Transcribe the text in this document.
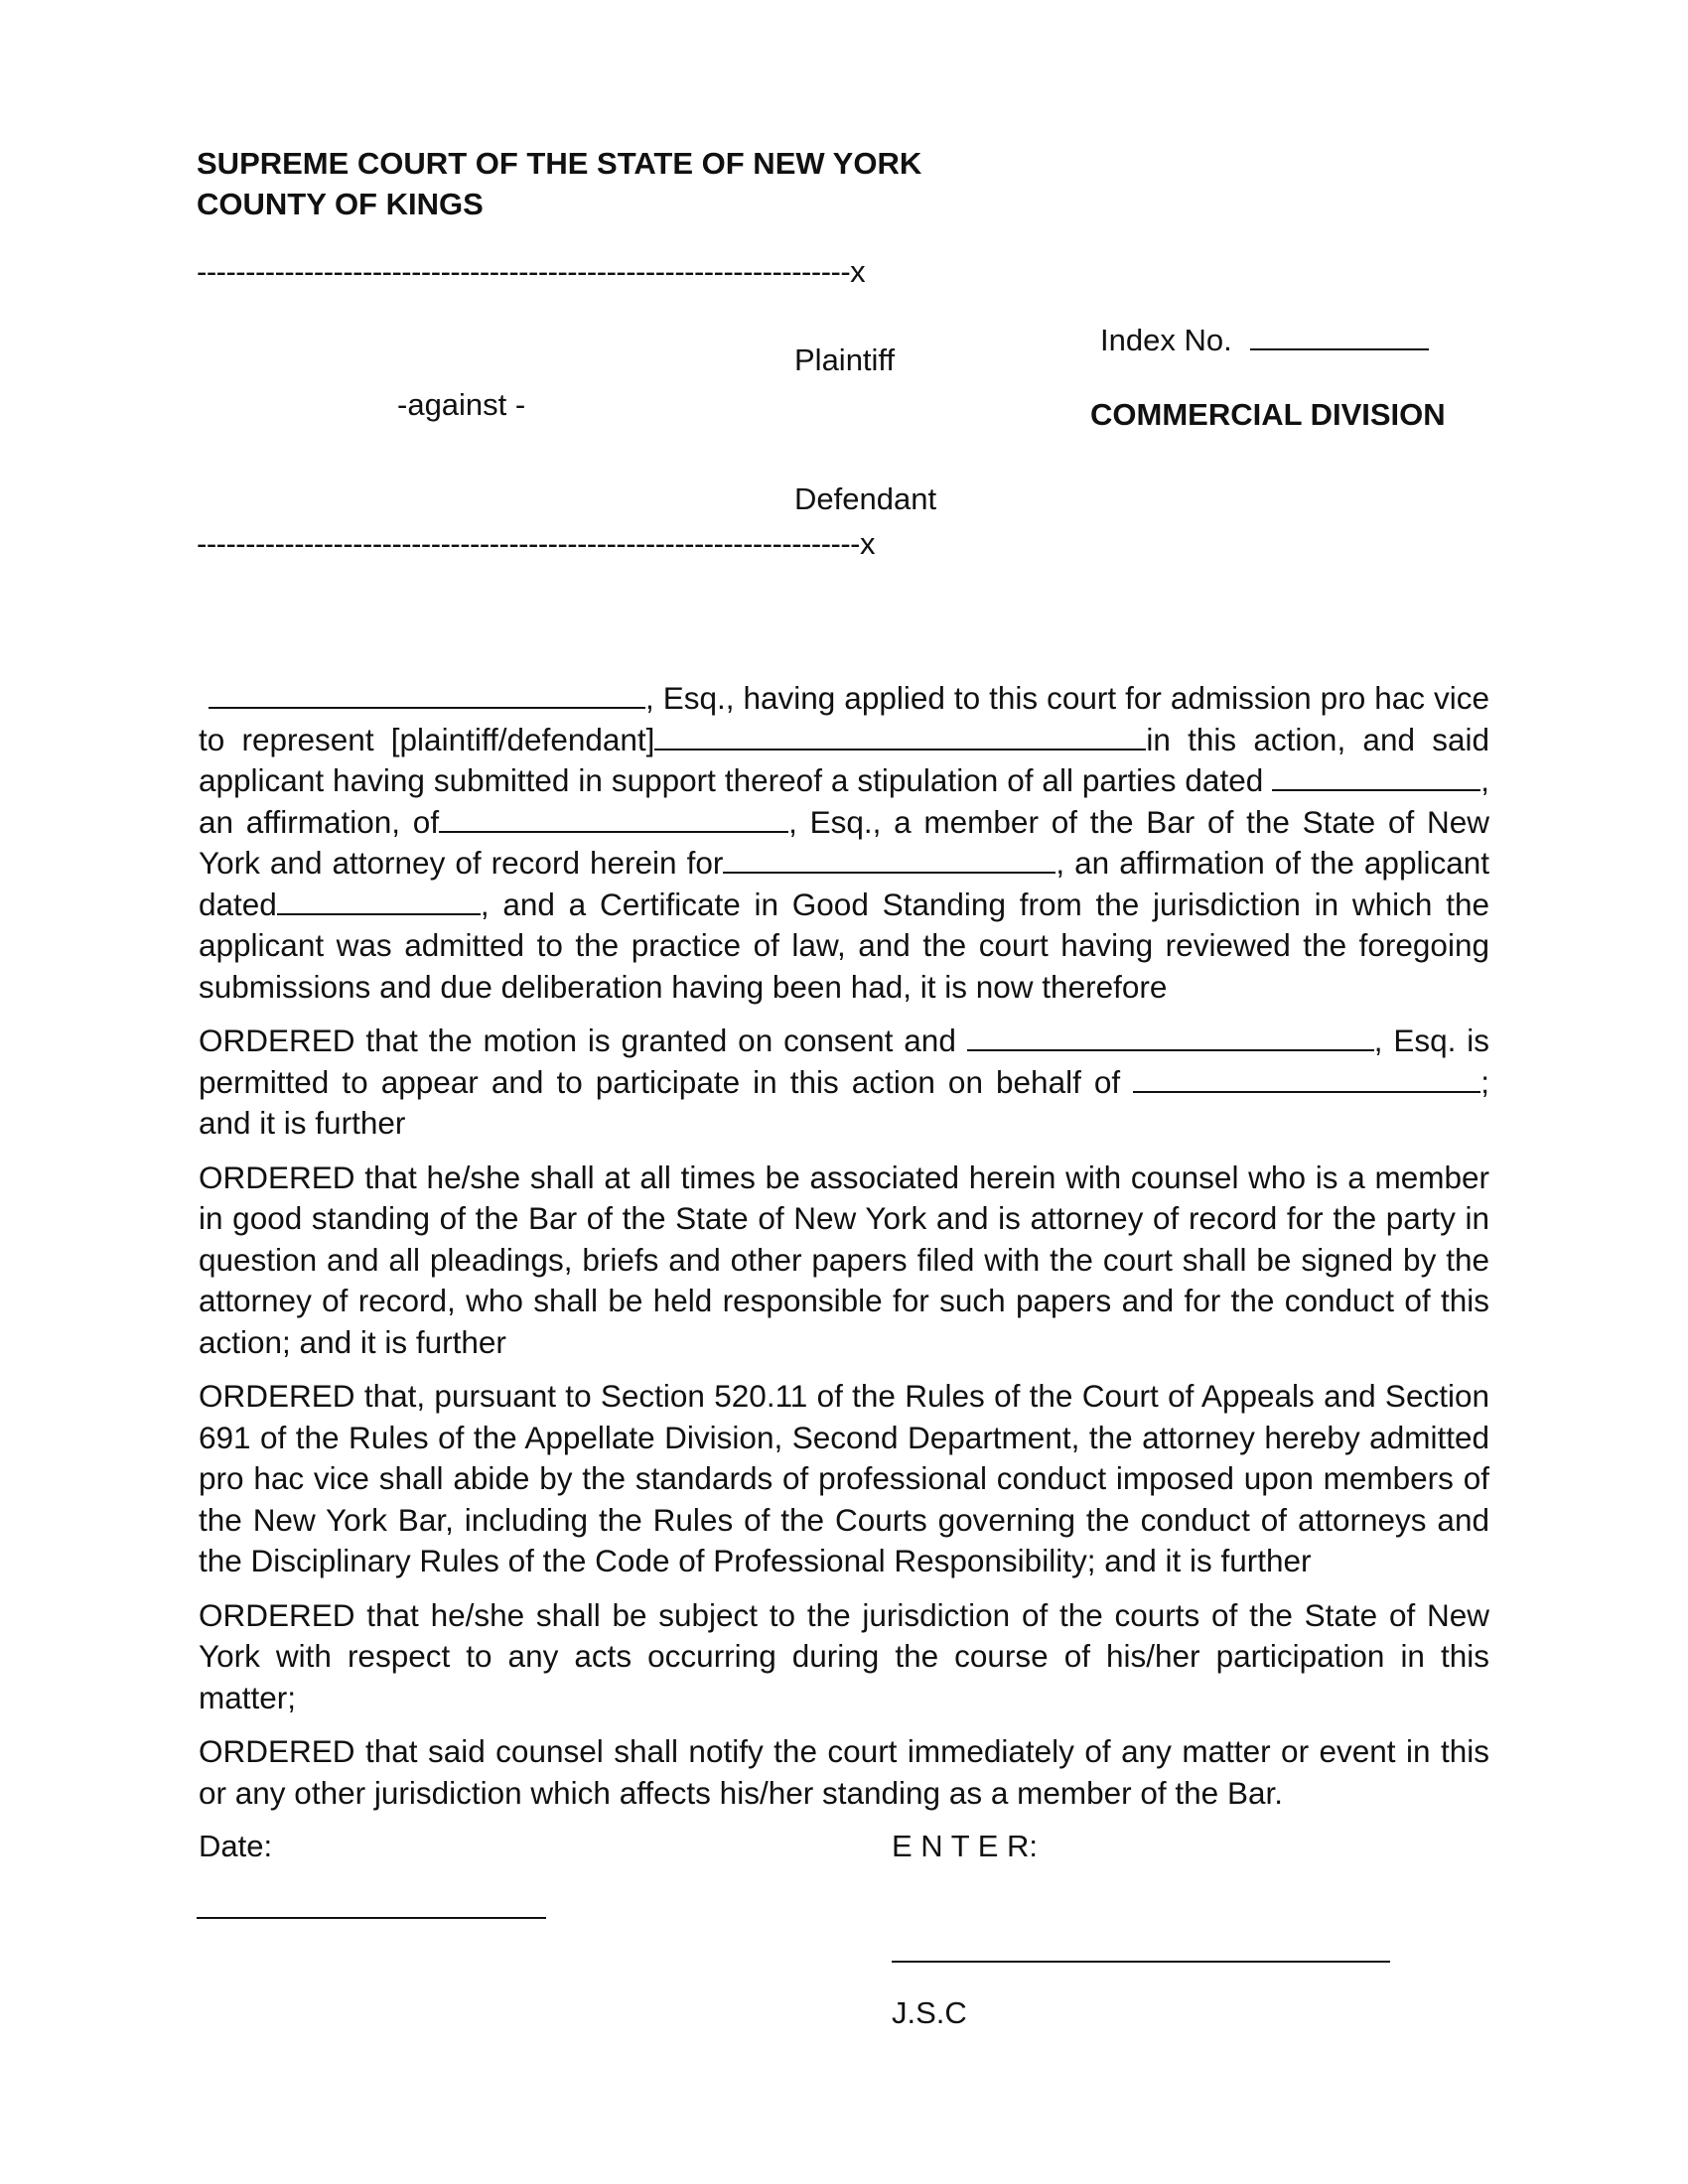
SUPREME COURT OF THE STATE OF NEW YORK
COUNTY OF KINGS
-------------------------------------------------------------------x
Plaintiff
-against -
Defendant
--------------------------------------------------------------------x
Index No.
COMMERCIAL DIVISION

, Esq., having applied to this court for admission pro hac vice to represent [plaintiff/defendant]	in this action, and said applicant having submitted in support thereof a stipulation of all parties dated	, an affirmation, of	, Esq., a member of the Bar of the State of New York and attorney of record herein for	, an affirmation of the applicant dated	, and a Certificate in Good Standing from the jurisdiction in which the applicant was admitted to the practice of law, and the court having reviewed the foregoing submissions and due deliberation having been had, it is now therefore

ORDERED that the motion is granted on consent and	, Esq. is permitted to appear and to participate in this action on behalf of	; and it is further

ORDERED that he/she shall at all times be associated herein with counsel who is a member in good standing of the Bar of the State of New York and is attorney of record for the party in question and all pleadings, briefs and other papers filed with the court shall be signed by the attorney of record, who shall be held responsible for such papers and for the conduct of this action; and it is further

ORDERED that, pursuant to Section 520.11 of the Rules of the Court of Appeals and Section 691 of the Rules of the Appellate Division, Second Department, the attorney hereby admitted pro hac vice shall abide by the standards of professional conduct imposed upon members of the New York Bar, including the Rules of the Courts governing the conduct of attorneys and the Disciplinary Rules of the Code of Professional Responsibility; and it is further

ORDERED that he/she shall be subject to the jurisdiction of the courts of the State of New York with respect to any acts occurring during the course of his/her participation in this matter;

ORDERED that said counsel shall notify the court immediately of any matter or event in this or any other jurisdiction which affects his/her standing as a member of the Bar.

Date:	E N T E R:
J.S.C
